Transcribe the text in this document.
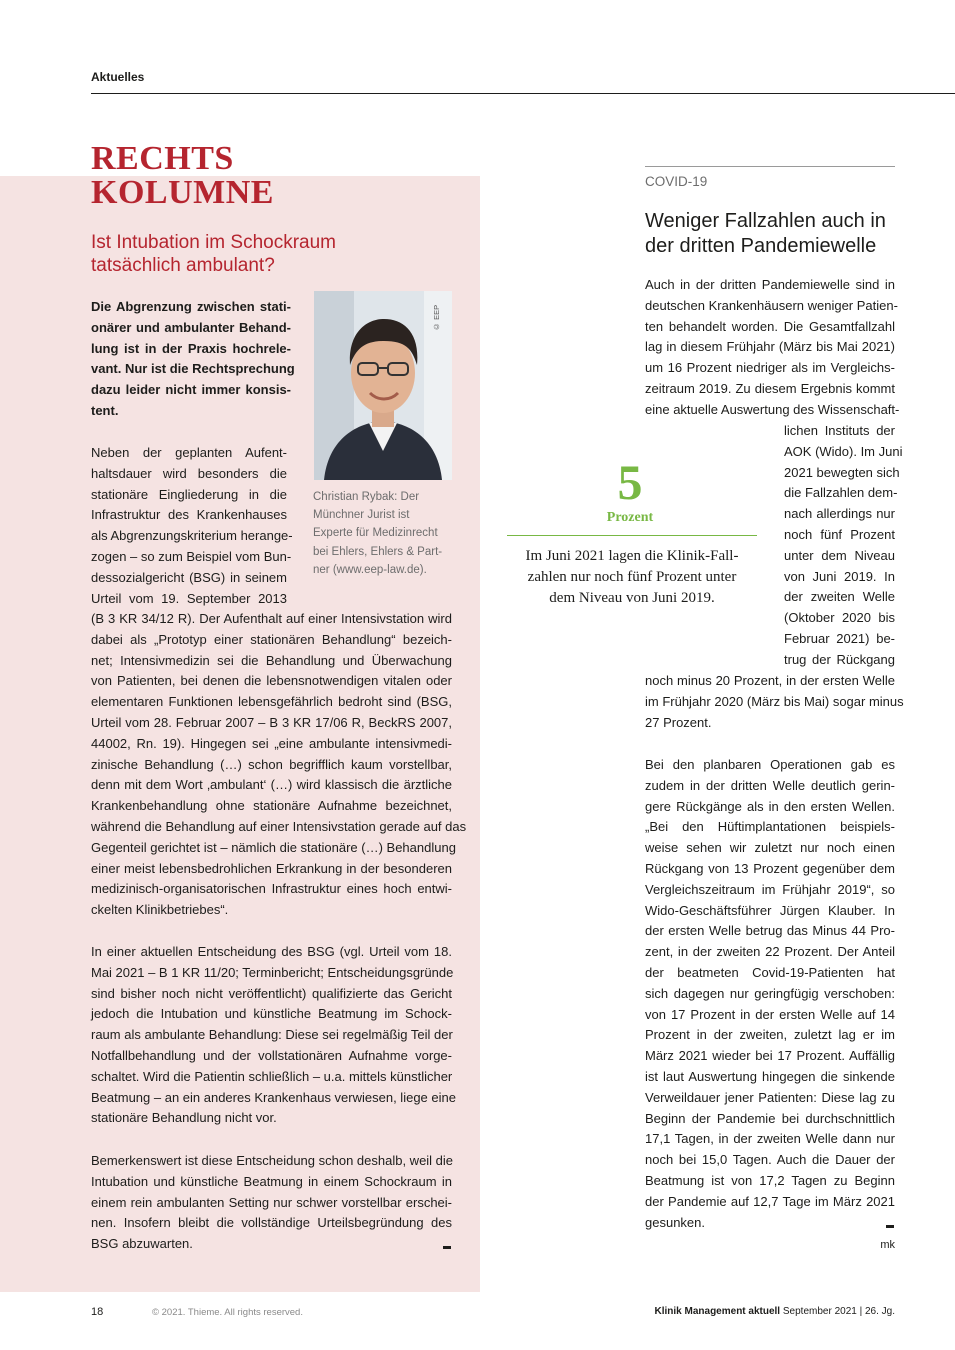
Aktuelles
RECHTS
KOLUMNE
Ist Intubation im Schockraum tatsächlich ambulant?
Die Abgrenzung zwischen stati-
onärer und ambulanter Behand-
lung ist in der Praxis hochrele-
vant. Nur ist die Rechtsprechung
dazu leider nicht immer konsis-
tent.
© EEP
Christian Rybak: Der
Münchner Jurist ist
Experte für Medizinrecht
bei Ehlers, Ehlers & Part-
ner (www.eep-law.de).
Neben der geplanten Aufent-
haltsdauer wird besonders die
stationäre Eingliederung in die
Infrastruktur des Krankenhauses
als Abgrenzungskriterium herange-
zogen – so zum Beispiel vom Bun-
dessozialgericht (BSG) in seinem
Urteil vom 19. September 2013
(B 3 KR 34/12 R). Der Aufenthalt auf einer Intensivstation wird
dabei als „Prototyp einer stationären Behandlung“ bezeich-
net; Intensivmedizin sei die Behandlung und Überwachung
von Patienten, bei denen die lebensnotwendigen vitalen oder
elementaren Funktionen lebensgefährlich bedroht sind (BSG,
Urteil vom 28. Februar 2007 – B 3 KR 17/06 R, BeckRS 2007,
44002, Rn. 19). Hingegen sei „eine ambulante intensivmedi-
zinische Behandlung (…) schon begrifflich kaum vorstellbar,
denn mit dem Wort ‚ambulant‘ (…) wird klassisch die ärztliche
Krankenbehandlung ohne stationäre Aufnahme bezeichnet,
während die Behandlung auf einer Intensivstation gerade auf das
Gegenteil gerichtet ist – nämlich die stationäre (…) Behandlung
einer meist lebensbedrohlichen Erkrankung in der besonderen
medizinisch-organisatorischen Infrastruktur eines hoch entwi-
ckelten Klinikbetriebes“.
In einer aktuellen Entscheidung des BSG (vgl. Urteil vom 18.
Mai 2021 – B 1 KR 11/20; Terminbericht; Entscheidungsgründe
sind bisher noch nicht veröffentlicht) qualifizierte das Gericht
jedoch die Intubation und künstliche Beatmung im Schock-
raum als ambulante Behandlung: Diese sei regelmäßig Teil der
Notfallbehandlung und der vollstationären Aufnahme vorge-
schaltet. Wird die Patientin schließlich – u.a. mittels künstlicher
Beatmung – an ein anderes Krankenhaus verwiesen, liege eine
stationäre Behandlung nicht vor.
Bemerkenswert ist diese Entscheidung schon deshalb, weil die
Intubation und künstliche Beatmung in einem Schockraum in
einem rein ambulanten Setting nur schwer vorstellbar erschei-
nen. Insofern bleibt die vollständige Urteilsbegründung des
BSG abzuwarten.
COVID-19
Weniger Fallzahlen auch in
der dritten Pandemiewelle
Auch in der dritten Pandemiewelle sind in
deutschen Krankenhäusern weniger Patien-
ten behandelt worden. Die Gesamtfallzahl
lag in diesem Frühjahr (März bis Mai 2021)
um 16 Prozent niedriger als im Vergleichs-
zeitraum 2019. Zu diesem Ergebnis kommt
eine aktuelle Auswertung des Wissenschaft-
lichen Instituts der
AOK (Wido). Im Juni
2021 bewegten sich
die Fallzahlen dem-
nach allerdings nur
noch fünf Prozent
unter dem Niveau
von Juni 2019. In
der zweiten Welle
(Oktober 2020 bis
Februar 2021) be-
trug der Rückgang
noch minus 20 Prozent, in der ersten Welle
im Frühjahr 2020 (März bis Mai) sogar minus
27 Prozent.
Bei den planbaren Operationen gab es
zudem in der dritten Welle deutlich gerin-
gere Rückgänge als in den ersten Wellen.
„Bei den Hüftimplantationen beispiels-
weise sehen wir zuletzt nur noch einen
Rückgang von 13 Prozent gegenüber dem
Vergleichszeitraum im Frühjahr 2019“, so
Wido-Geschäftsführer Jürgen Klauber. In
der ersten Welle betrug das Minus 44 Pro-
zent, in der zweiten 22 Prozent. Der Anteil
der beatmeten Covid-19-Patienten hat
sich dagegen nur geringfügig verschoben:
von 17 Prozent in der ersten Welle auf 14
Prozent in der zweiten, zuletzt lag er im
März 2021 wieder bei 17 Prozent. Auffällig
ist laut Auswertung hingegen die sinkende
Verweildauer jener Patienten: Diese lag zu
Beginn der Pandemie bei durchschnittlich
17,1 Tagen, in der zweiten Welle dann nur
noch bei 15,0 Tagen. Auch die Dauer der
Beatmung ist von 17,2 Tagen zu Beginn
der Pandemie auf 12,7 Tage im März 2021
gesunken.
mk
5
Prozent
Im Juni 2021 lagen die Klinik-Fall-
zahlen nur noch fünf Prozent unter
dem Niveau von Juni 2019.
18	© 2021. Thieme. All rights reserved.	Klinik Management aktuell September 2021 | 26. Jg.
